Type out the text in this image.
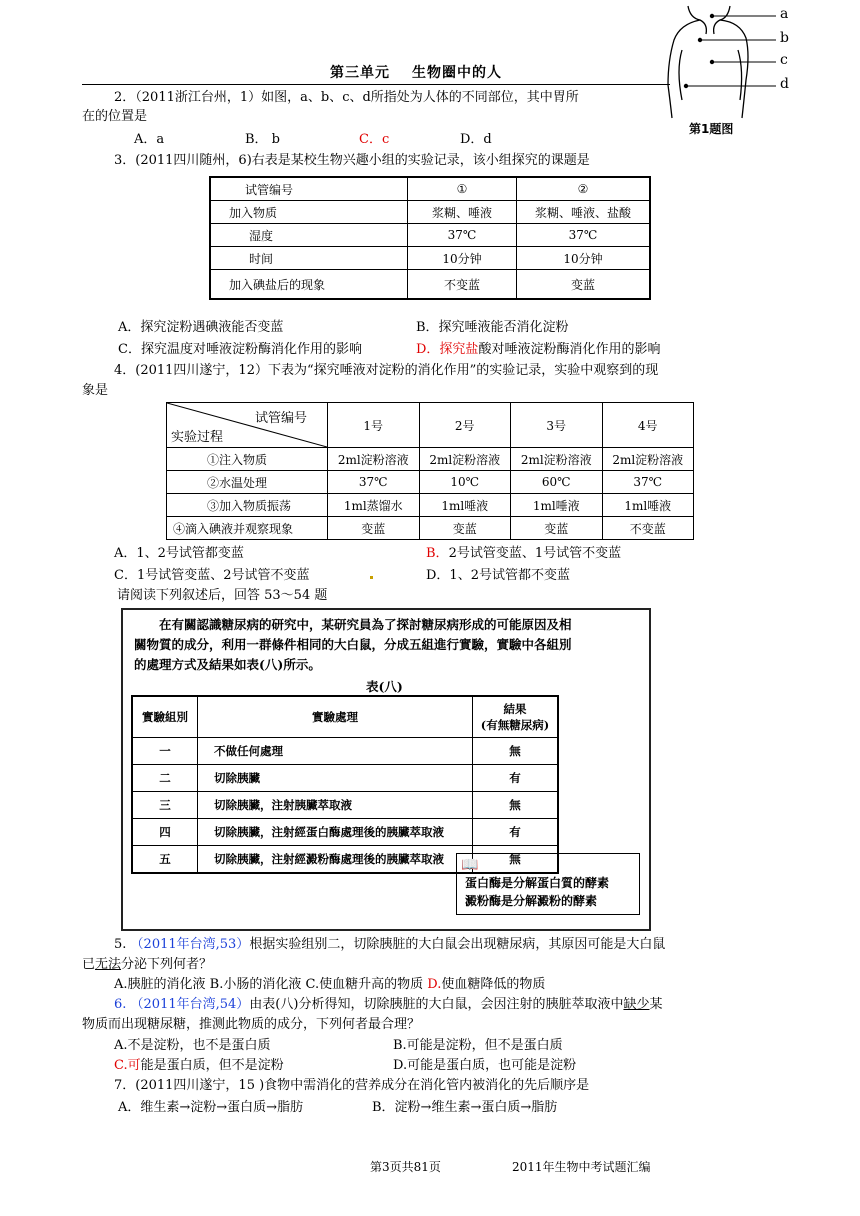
第三单元 生物圈中的人
a
b
c
d
第1题图
2．（2011浙江台州，1）如图，a、b、c、d所指处为人体的不同部位，其中胃所
在的位置是
A．a	B． b	C．c	D．d
3．(2011四川随州，6)右表是某校生物兴趣小组的实验记录，该小组探究的课题是
试管编号	①	②
加入物质	浆糊、唾液	浆糊、唾液、盐酸
湿度	37℃	37℃
时间	10分钟	10分钟
加入碘盐后的现象	不变蓝	变蓝
A．探究淀粉遇碘液能否变蓝	B．探究唾液能否消化淀粉
C．探究温度对唾液淀粉酶消化作用的影响	D．探究盐酸对唾液淀粉酶消化作用的影响
4．(2011四川遂宁，12）下表为“探究唾液对淀粉的消化作用”的实验记录，实验中观察到的现
象是
试管编号
实验过程	1号	2号	3号	4号
①注入物质	2ml淀粉溶液	2ml淀粉溶液	2ml淀粉溶液	2ml淀粉溶液
②水温处理	37℃	10℃	60℃	37℃
③加入物质振荡	1ml蒸馏水	1ml唾液	1ml唾液	1ml唾液
④滴入碘液并观察现象	变蓝	变蓝	变蓝	不变蓝
A．1、2号试管都变蓝	B．2号试管变蓝、1号试管不变蓝
C．1号试管变蓝、2号试管不变蓝	D．1、2号试管都不变蓝
请阅读下列叙述后，回答 53～54 题
在有關認識糖尿病的研究中，某研究員為了探討糖尿病形成的可能原因及相
關物質的成分，利用一群條件相同的大白鼠，分成五組進行實驗，實驗中各組別
的處理方式及結果如表(八)所示。
表(八)
實驗組別	實驗處理	結果
(有無糖尿病)
一	不做任何處理	無
二	切除胰臟	有
三	切除胰臟，注射胰臟萃取液	無
四	切除胰臟，注射經蛋白酶處理後的胰臟萃取液	有
五	切除胰臟，注射經澱粉酶處理後的胰臟萃取液	無
📖
蛋白酶是分解蛋白質的酵素
澱粉酶是分解澱粉的酵素
5. （2011年台湾,53）根据实验组别二，切除胰脏的大白鼠会出现糖尿病，其原因可能是大白鼠
已无法分泌下列何者？
A.胰脏的消化液 B.小肠的消化液 C.使血糖升高的物质 D.使血糖降低的物质
6. （2011年台湾,54）由表(八)分析得知，切除胰脏的大白鼠，会因注射的胰脏萃取液中缺少某
物质而出现糖尿糖，推测此物质的成分，下列何者最合理？
A.不是淀粉，也不是蛋白质	B.可能是淀粉，但不是蛋白质
C.可能是蛋白质，但不是淀粉	D.可能是蛋白质，也可能是淀粉
7．(2011四川遂宁，15 )食物中需消化的营养成分在消化管内被消化的先后顺序是
A．维生素→淀粉→蛋白质→脂肪	B．淀粉→维生素→蛋白质→脂肪
第3页共81页	2011年生物中考试题汇编
